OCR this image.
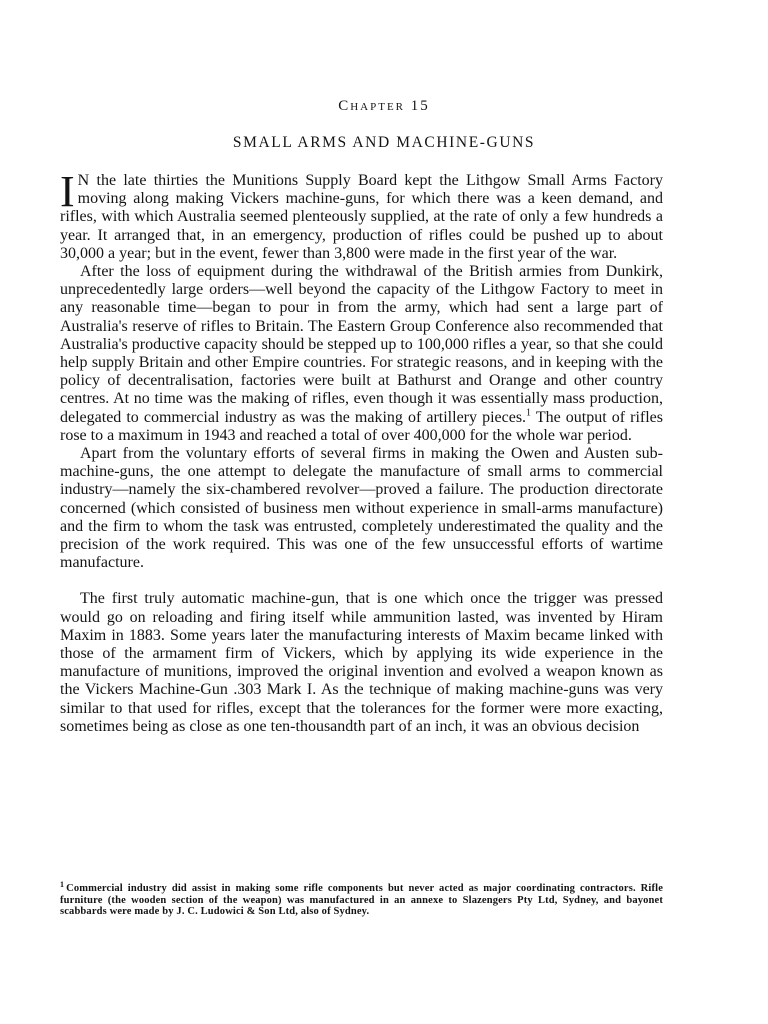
Chapter 15
SMALL ARMS AND MACHINE-GUNS

I N the late thirties the Munitions Supply Board kept the Lithgow Small Arms Factory moving along making Vickers machine-guns, for which there was a keen demand, and rifles, with which Australia seemed plenteously supplied, at the rate of only a few hundreds a year. It arranged that, in an emergency, production of rifles could be pushed up to about 30,000 a year; but in the event, fewer than 3,800 were made in the first year of the war.

After the loss of equipment during the withdrawal of the British armies from Dunkirk, unprecedentedly large orders—well beyond the capacity of the Lithgow Factory to meet in any reasonable time—began to pour in from the army, which had sent a large part of Australia's reserve of rifles to Britain. The Eastern Group Conference also recommended that Australia's productive capacity should be stepped up to 100,000 rifles a year, so that she could help supply Britain and other Empire countries. For strategic reasons, and in keeping with the policy of decentralisation, factories were built at Bathurst and Orange and other country centres. At no time was the making of rifles, even though it was essentially mass production, delegated to commercial industry as was the making of artillery pieces.$^1$ The output of rifles rose to a maximum in 1943 and reached a total of over 400,000 for the whole war period.

Apart from the voluntary efforts of several firms in making the Owen and Austen sub-machine-guns, the one attempt to delegate the manufacture of small arms to commercial industry—namely the six-chambered revolver—proved a failure. The production directorate concerned (which consisted of business men without experience in small-arms manufacture) and the firm to whom the task was entrusted, completely underestimated the quality and the precision of the work required. This was one of the few unsuccessful efforts of wartime manufacture.

The first truly automatic machine-gun, that is one which once the trigger was pressed would go on reloading and firing itself while ammunition lasted, was invented by Hiram Maxim in 1883. Some years later the manufacturing interests of Maxim became linked with those of the armament firm of Vickers, which by applying its wide experience in the manufacture of munitions, improved the original invention and evolved a weapon known as the Vickers Machine-Gun .303 Mark I. As the technique of making machine-guns was very similar to that used for rifles, except that the tolerances for the former were more exacting, sometimes being as close as one ten-thousandth part of an inch, it was an obvious decision

$^1$ Commercial industry did assist in making some rifle components but never acted as major coordinating contractors. Rifle furniture (the wooden section of the weapon) was manufactured in an annexe to Slazengers Pty Ltd, Sydney, and bayonet scabbards were made by J. C. Ludowici & Son Ltd, also of Sydney.
